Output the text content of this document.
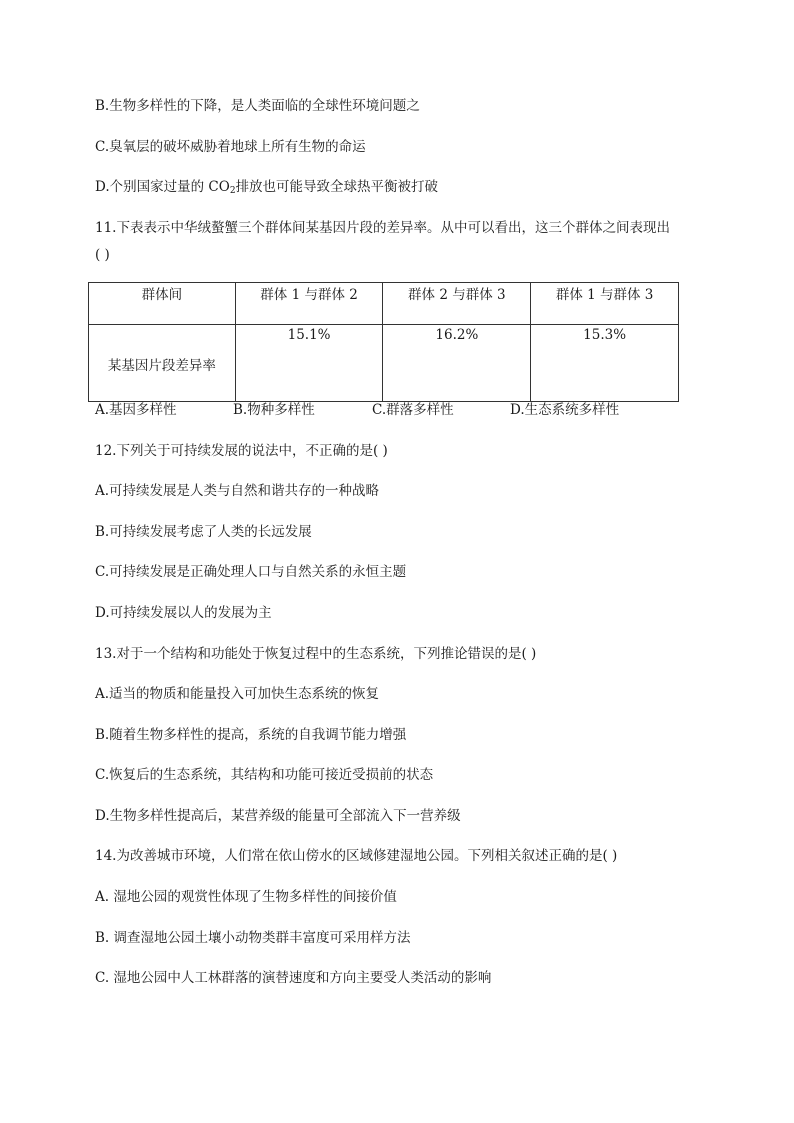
B.生物多样性的下降，是人类面临的全球性环境问题之
C.臭氧层的破坏威胁着地球上所有生物的命运
D.个别国家过量的 $CO_2$排放也可能导致全球热平衡被打破
11.下表表示中华绒螯蟹三个群体间某基因片段的差异率。从中可以看出，这三个群体之间表现出
( )
群体间	群体 1 与群体 2	群体 2 与群体 3	群体 1 与群体 3
某基因片段差异率	15.1%	16.2%	15.3%
A.基因多样性	B.物种多样性	C.群落多样性	D.生态系统多样性
12.下列关于可持续发展的说法中，不正确的是( )
A.可持续发展是人类与自然和谐共存的一种战略
B.可持续发展考虑了人类的长远发展
C.可持续发展是正确处理人口与自然关系的永恒主题
D.可持续发展以人的发展为主
13.对于一个结构和功能处于恢复过程中的生态系统，下列推论错误的是( )
A.适当的物质和能量投入可加快生态系统的恢复
B.随着生物多样性的提高，系统的自我调节能力增强
C.恢复后的生态系统，其结构和功能可接近受损前的状态
D.生物多样性提高后，某营养级的能量可全部流入下一营养级
14.为改善城市环境，人们常在依山傍水的区域修建湿地公园。下列相关叙述正确的是( )
A. 湿地公园的观赏性体现了生物多样性的间接价值
B. 调查湿地公园土壤小动物类群丰富度可采用样方法
C. 湿地公园中人工林群落的演替速度和方向主要受人类活动的影响
